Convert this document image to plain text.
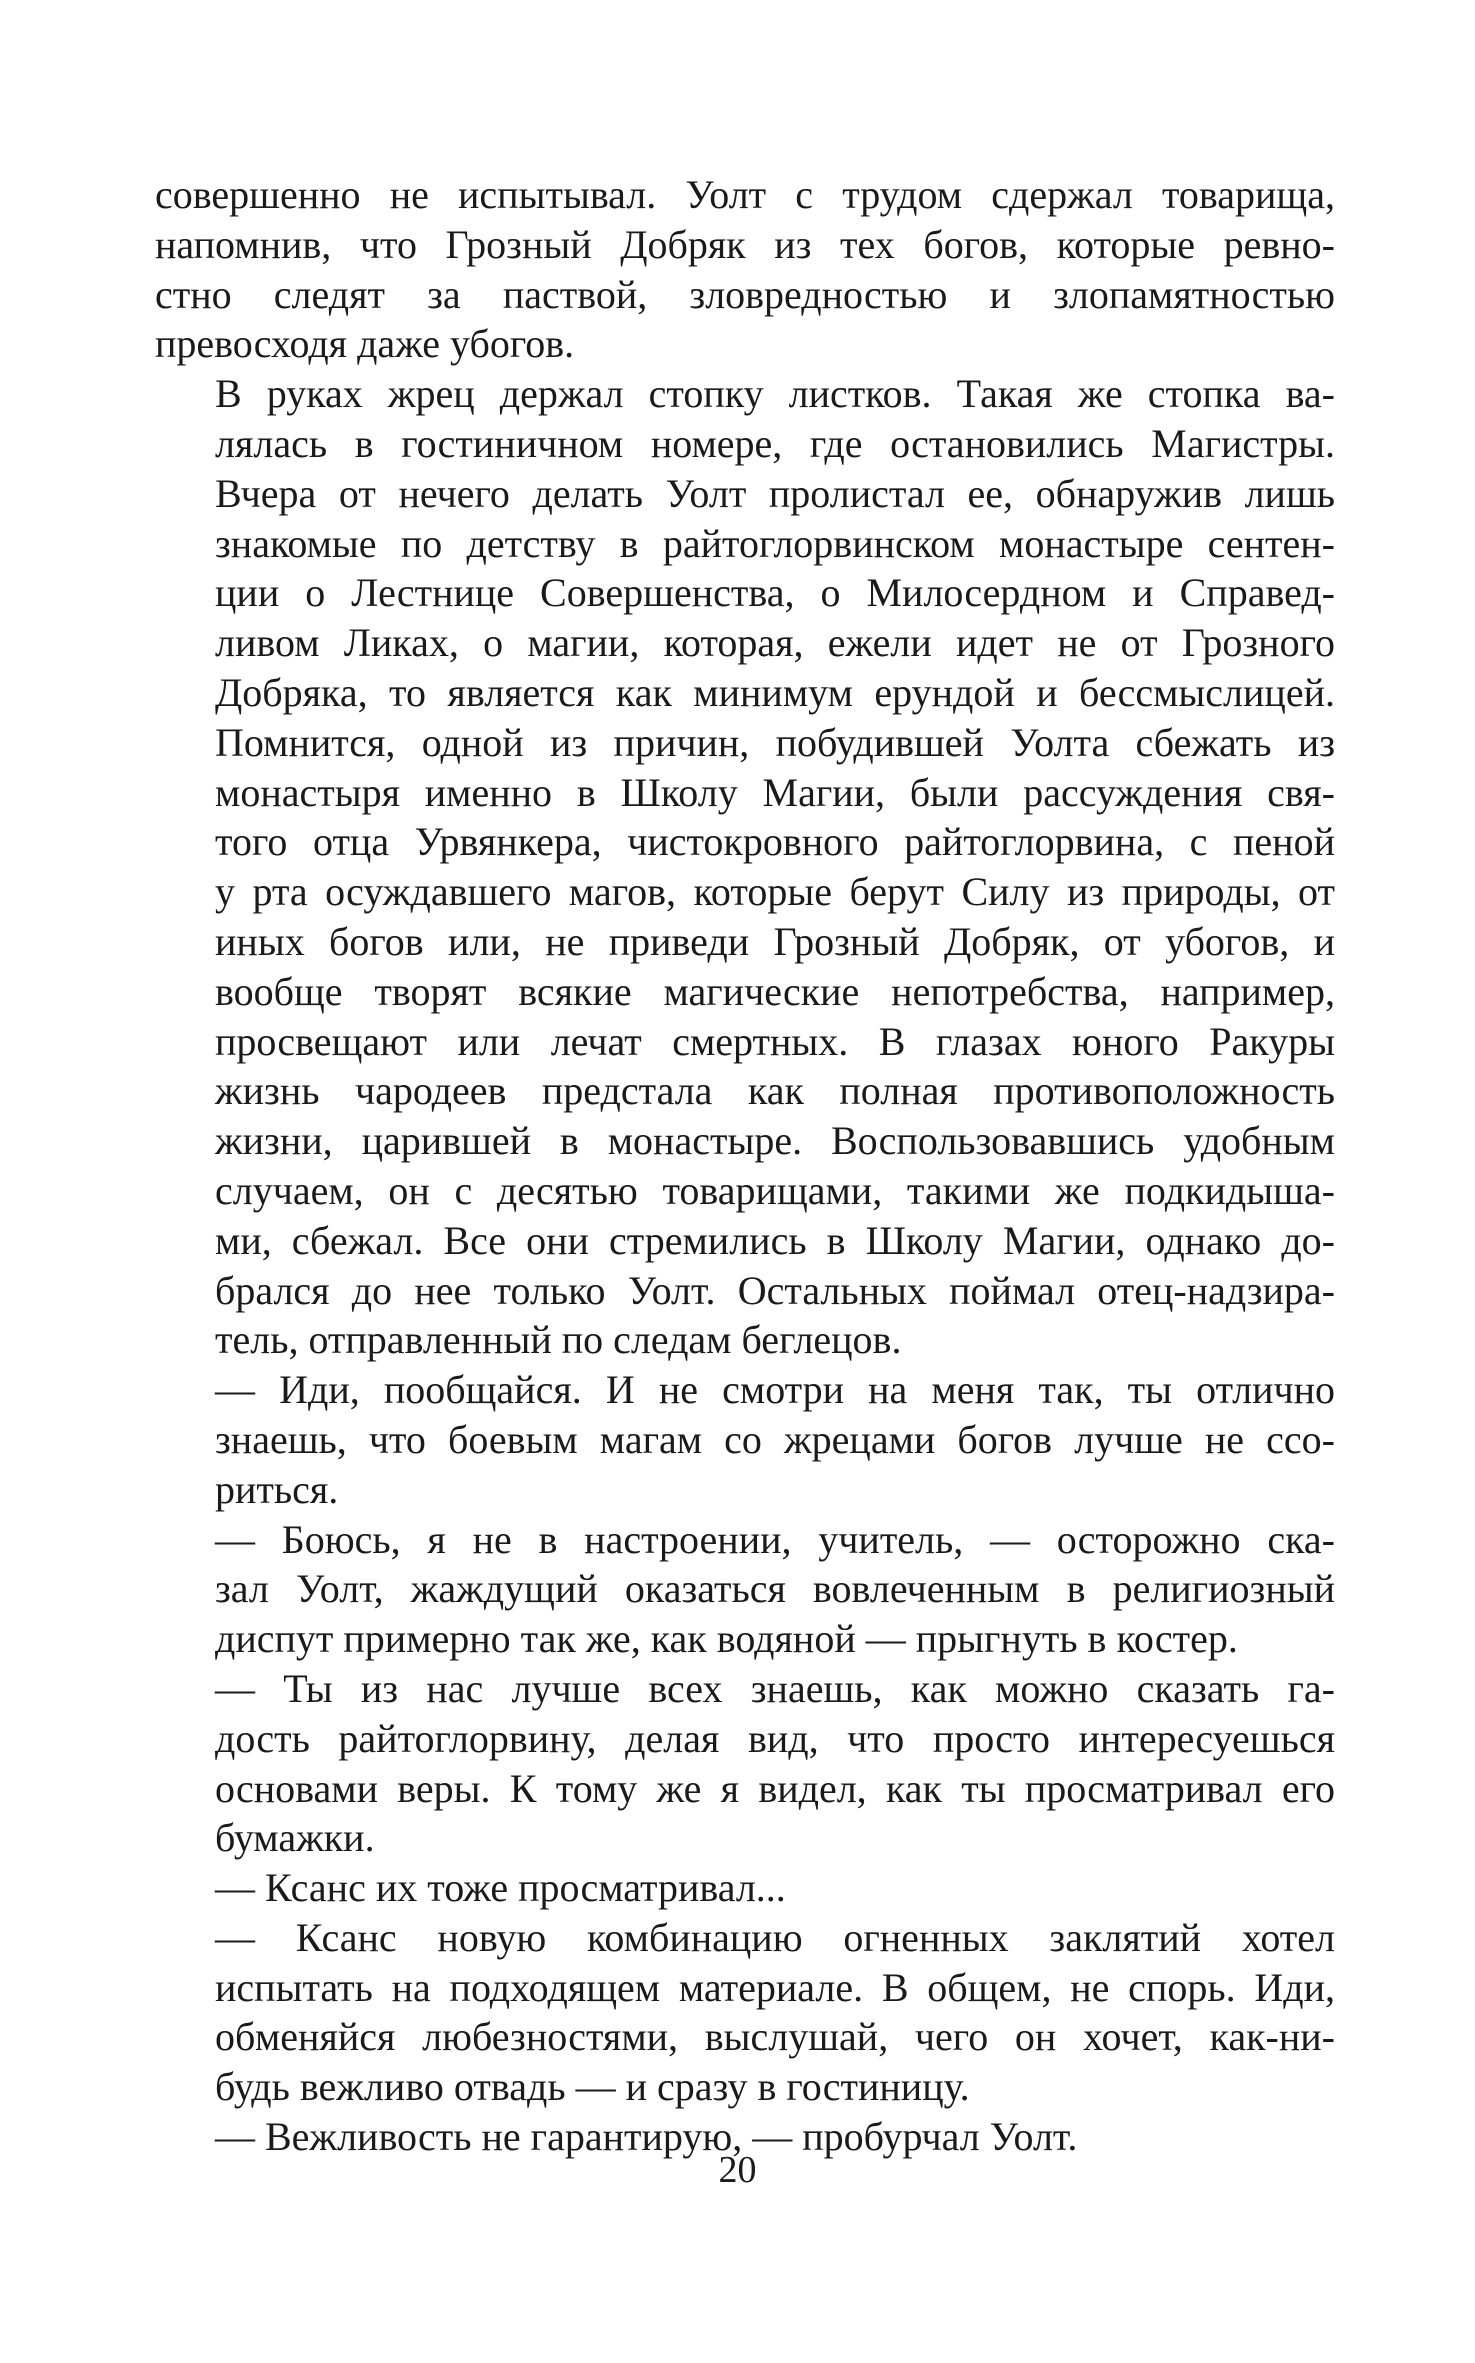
совершенно не испытывал. Уолт с трудом сдержал товарища,
напомнив, что Грозный Добряк из тех богов, которые ревно-
стно следят за паствой, зловредностью и злопамятностью
превосходя даже убогов.
В руках жрец держал стопку листков. Такая же стопка ва-
лялась в гостиничном номере, где остановились Магистры.
Вчера от нечего делать Уолт пролистал ее, обнаружив лишь
знакомые по детству в райтоглорвинском монастыре сентен-
ции о Лестнице Совершенства, о Милосердном и Справед-
ливом Ликах, о магии, которая, ежели идет не от Грозного
Добряка, то является как минимум ерундой и бессмыслицей.
Помнится, одной из причин, побудившей Уолта сбежать из
монастыря именно в Школу Магии, были рассуждения свя-
того отца Урвянкера, чистокровного райтоглорвина, с пеной
у рта осуждавшего магов, которые берут Силу из природы, от
иных богов или, не приведи Грозный Добряк, от убогов, и
вообще творят всякие магические непотребства, например,
просвещают или лечат смертных. В глазах юного Ракуры
жизнь чародеев предстала как полная противоположность
жизни, царившей в монастыре. Воспользовавшись удобным
случаем, он с десятью товарищами, такими же подкидыша-
ми, сбежал. Все они стремились в Школу Магии, однако до-
брался до нее только Уолт. Остальных поймал отец-надзира-
тель, отправленный по следам беглецов.
— Иди, пообщайся. И не смотри на меня так, ты отлично
знаешь, что боевым магам со жрецами богов лучше не ссо-
риться.
— Боюсь, я не в настроении, учитель, — осторожно ска-
зал Уолт, жаждущий оказаться вовлеченным в религиозный
диспут примерно так же, как водяной — прыгнуть в костер.
— Ты из нас лучше всех знаешь, как можно сказать га-
дость райтоглорвину, делая вид, что просто интересуешься
основами веры. К тому же я видел, как ты просматривал его
бумажки.
— Ксанс их тоже просматривал...
— Ксанс новую комбинацию огненных заклятий хотел
испытать на подходящем материале. В общем, не спорь. Иди,
обменяйся любезностями, выслушай, чего он хочет, как-ни-
будь вежливо отвадь — и сразу в гостиницу.
— Вежливость не гарантирую, — пробурчал Уолт.
20
